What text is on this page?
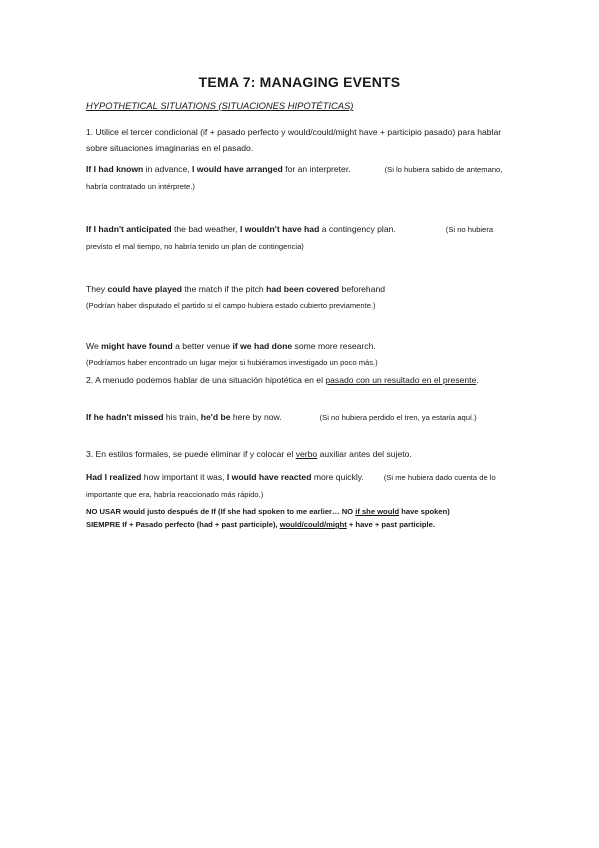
TEMA 7: MANAGING EVENTS
HYPOTHETICAL SITUATIONS (SITUACIONES HIPOTÉTICAS)
1. Utilice el tercer condicional (if + pasado perfecto y would/could/might have + participio pasado) para hablar sobre situaciones imaginarias en el pasado.
If I had known in advance, I would have arranged for an interpreter.	(Si lo hubiera sabido de antemano, habría contratado un intérprete.)
If I hadn't anticipated the bad weather, I wouldn't have had a contingency plan.	(Si no hubiera previsto el mal tiempo, no habría tenido un plan de contingencia)
They could have played the match if the pitch had been covered beforehand
(Podrían haber disputado el partido si el campo hubiera estado cubierto previamente.)
We might have found a better venue if we had done some more research.
(Podríamos haber encontrado un lugar mejor si hubiéramos investigado un poco más.)
2. A menudo podemos hablar de una situación hipotética en el pasado con un resultado en el presente.
If he hadn't missed his train, he'd be here by now.	(Si no hubiera perdido el tren, ya estaría aquí.)
3. En estilos formales, se puede eliminar if y colocar el verbo auxiliar antes del sujeto.
Had I realized how important it was, I would have reacted more quickly.	(Si me hubiera dado cuenta de lo importante que era, habría reaccionado más rápido.)
NO USAR would justo después de If (If she had spoken to me earlier… NO if she would have spoken)
SIEMPRE If + Pasado perfecto (had + past participle), would/could/might + have + past participle.
